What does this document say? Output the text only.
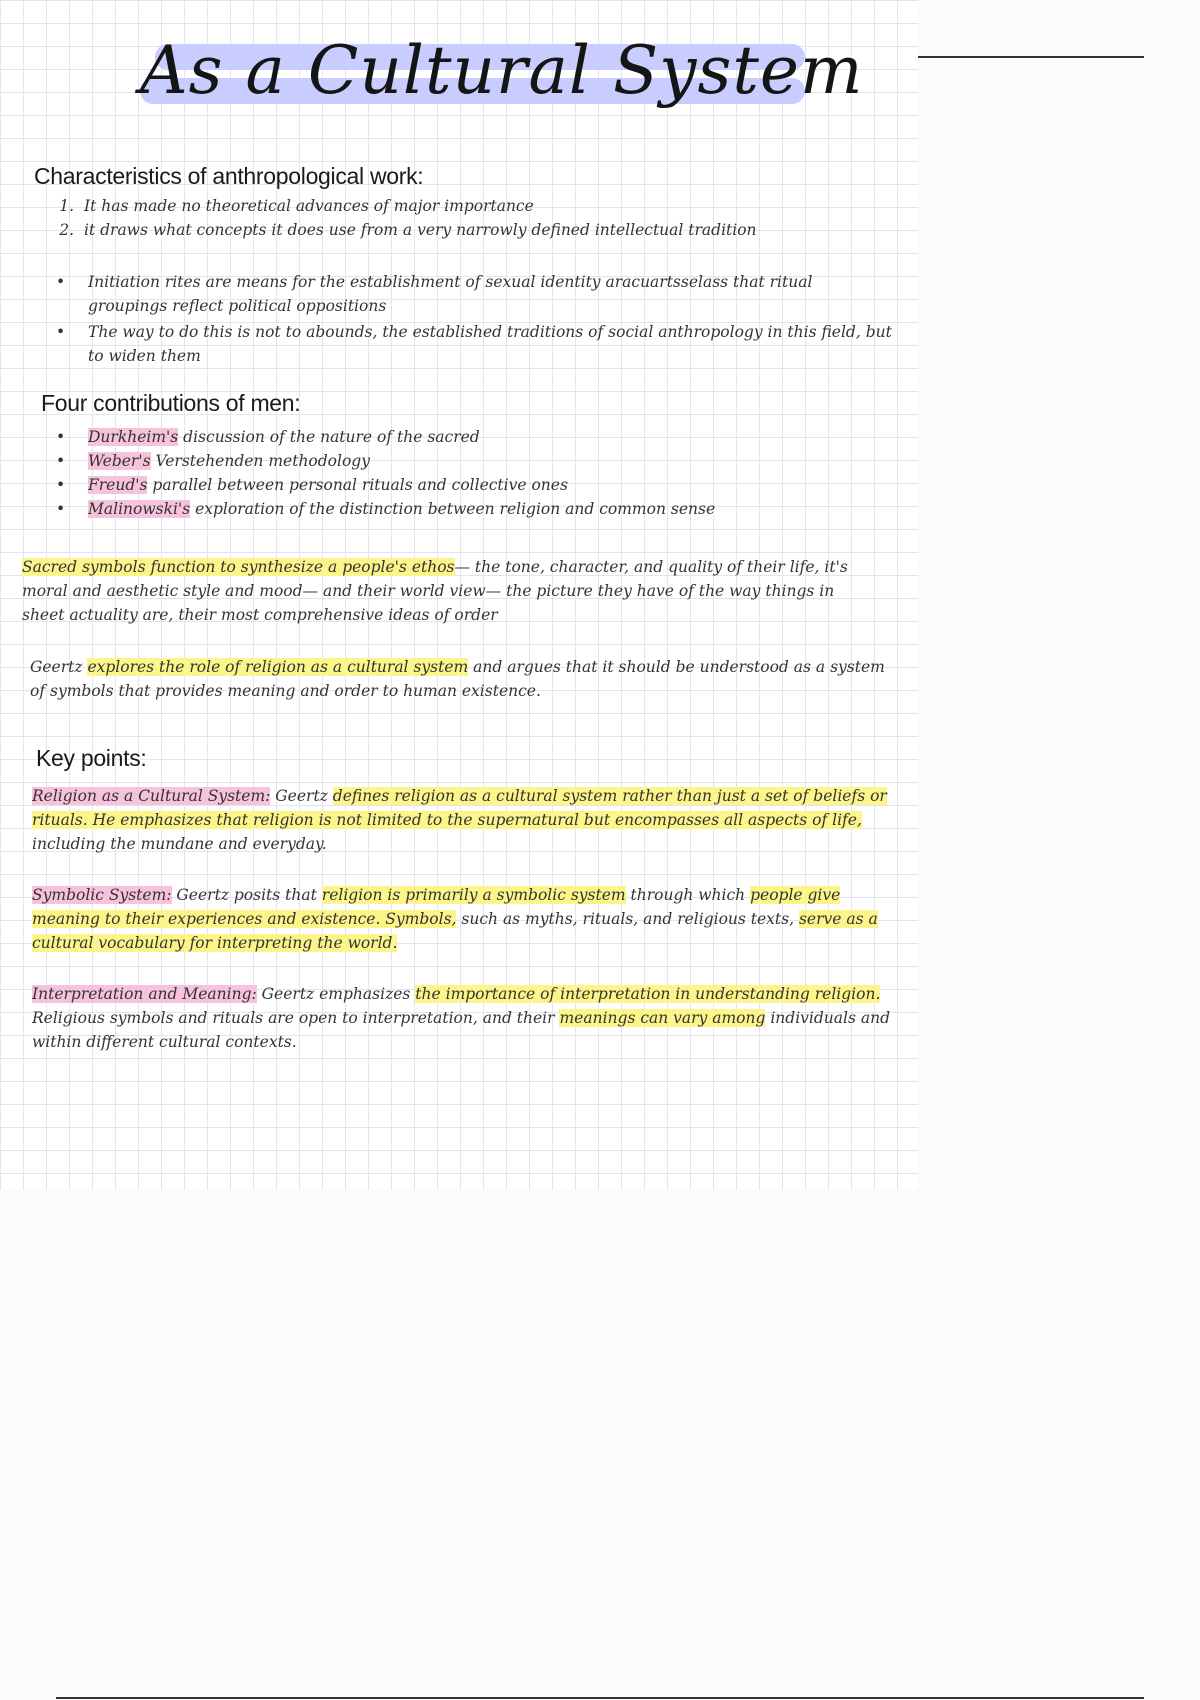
As a Cultural System
Characteristics of anthropological work:
1. It has made no theoretical advances of major importance
2. it draws what concepts it does use from a very narrowly defined intellectual tradition
• Initiation rites are means for the establishment of sexual identity aracuartsselass that ritual groupings reflect political oppositions
• The way to do this is not to abounds, the established traditions of social anthropology in this field, but to widen them
Four contributions of men:
• Durkheim's discussion of the nature of the sacred
• Weber's Verstehenden methodology
• Freud's parallel between personal rituals and collective ones
• Malinowski's exploration of the distinction between religion and common sense

Sacred symbols function to synthesize a people's ethos— the tone, character, and quality of their life, it's moral and aesthetic style and mood— and their world view— the picture they have of the way things in sheet actuality are, their most comprehensive ideas of order

Geertz explores the role of religion as a cultural system and argues that it should be understood as a system of symbols that provides meaning and order to human existence.

Key points:

Religion as a Cultural System: Geertz defines religion as a cultural system rather than just a set of beliefs or rituals. He emphasizes that religion is not limited to the supernatural but encompasses all aspects of life, including the mundane and everyday.

Symbolic System: Geertz posits that religion is primarily a symbolic system through which people give meaning to their experiences and existence. Symbols, such as myths, rituals, and religious texts, serve as a cultural vocabulary for interpreting the world.

Interpretation and Meaning: Geertz emphasizes the importance of interpretation in understanding religion. Religious symbols and rituals are open to interpretation, and their meanings can vary among individuals and within different cultural contexts.
